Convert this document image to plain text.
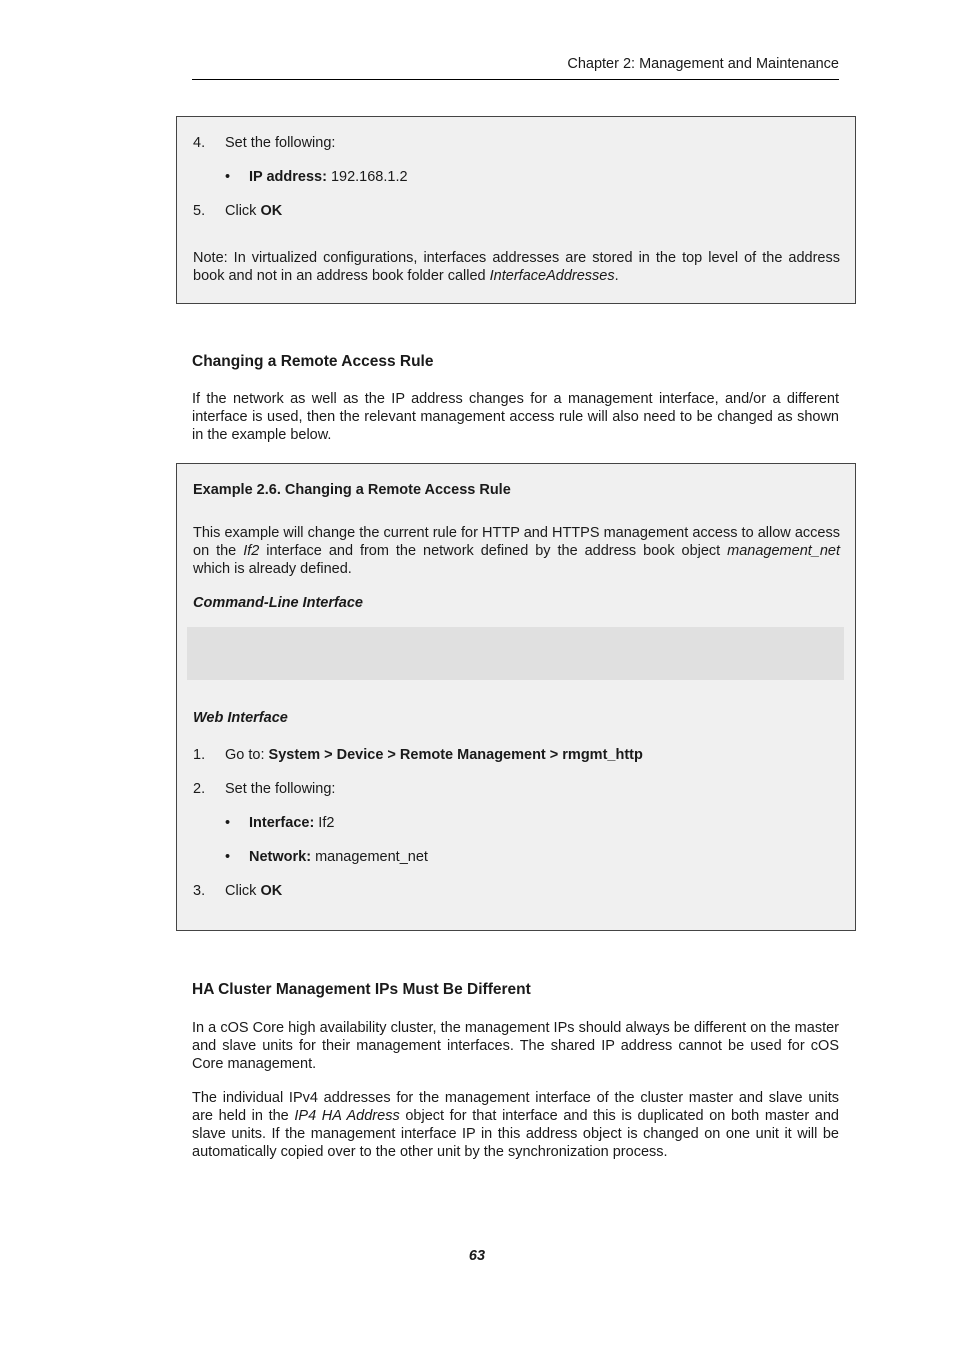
Chapter 2: Management and Maintenance
4. Set the following:
• IP address: 192.168.1.2
5. Click OK
Note: In virtualized configurations, interfaces addresses are stored in the top level of the address book and not in an address book folder called InterfaceAddresses.
Changing a Remote Access Rule
If the network as well as the IP address changes for a management interface, and/or a different interface is used, then the relevant management access rule will also need to be changed as shown in the example below.
Example 2.6. Changing a Remote Access Rule
This example will change the current rule for HTTP and HTTPS management access to allow access on the If2 interface and from the network defined by the address book object management_net which is already defined.
Command-Line Interface
Web Interface
1. Go to: System > Device > Remote Management > rmgmt_http
2. Set the following:
• Interface: If2
• Network: management_net
3. Click OK
HA Cluster Management IPs Must Be Different
In a cOS Core high availability cluster, the management IPs should always be different on the master and slave units for their management interfaces. The shared IP address cannot be used for cOS Core management.
The individual IPv4 addresses for the management interface of the cluster master and slave units are held in the IP4 HA Address object for that interface and this is duplicated on both master and slave units. If the management interface IP in this address object is changed on one unit it will be automatically copied over to the other unit by the synchronization process.
63
